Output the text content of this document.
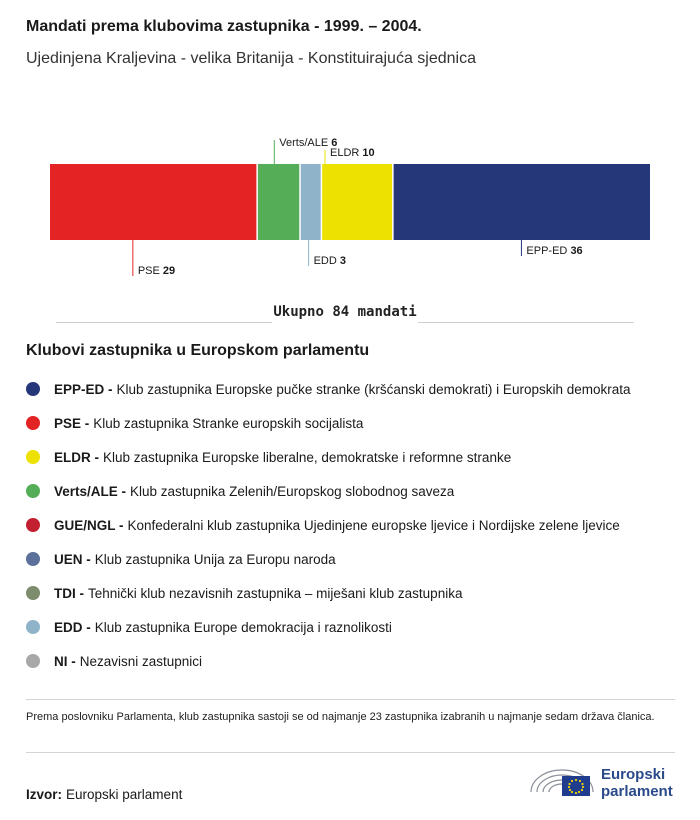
Mandati prema klubovima zastupnika - 1999. – 2004.
Ujedinjena Kraljevina - velika Britanija - Konstituirajuća sjednica
PSE 29
Verts/ALE 6
EDD 3
ELDR 10
EPP-ED 36
Ukupno 84 mandati
Klubovi zastupnika u Europskom parlamentu
EPP-ED - Klub zastupnika Europske pučke stranke (kršćanski demokrati) i Europskih demokrata
PSE - Klub zastupnika Stranke europskih socijalista
ELDR - Klub zastupnika Europske liberalne, demokratske i reformne stranke
Verts/ALE - Klub zastupnika Zelenih/Europskog slobodnog saveza
GUE/NGL - Konfederalni klub zastupnika Ujedinjene europske ljevice i Nordijske zelene ljevice
UEN - Klub zastupnika Unija za Europu naroda
TDI - Tehnički klub nezavisnih zastupnika – miješani klub zastupnika
EDD - Klub zastupnika Europe demokracija i raznolikosti
NI - Nezavisni zastupnici
Prema poslovniku Parlamenta, klub zastupnika sastoji se od najmanje 23 zastupnika izabranih u najmanje sedam država članica.
Izvor: Europski parlament
Europski
parlament
